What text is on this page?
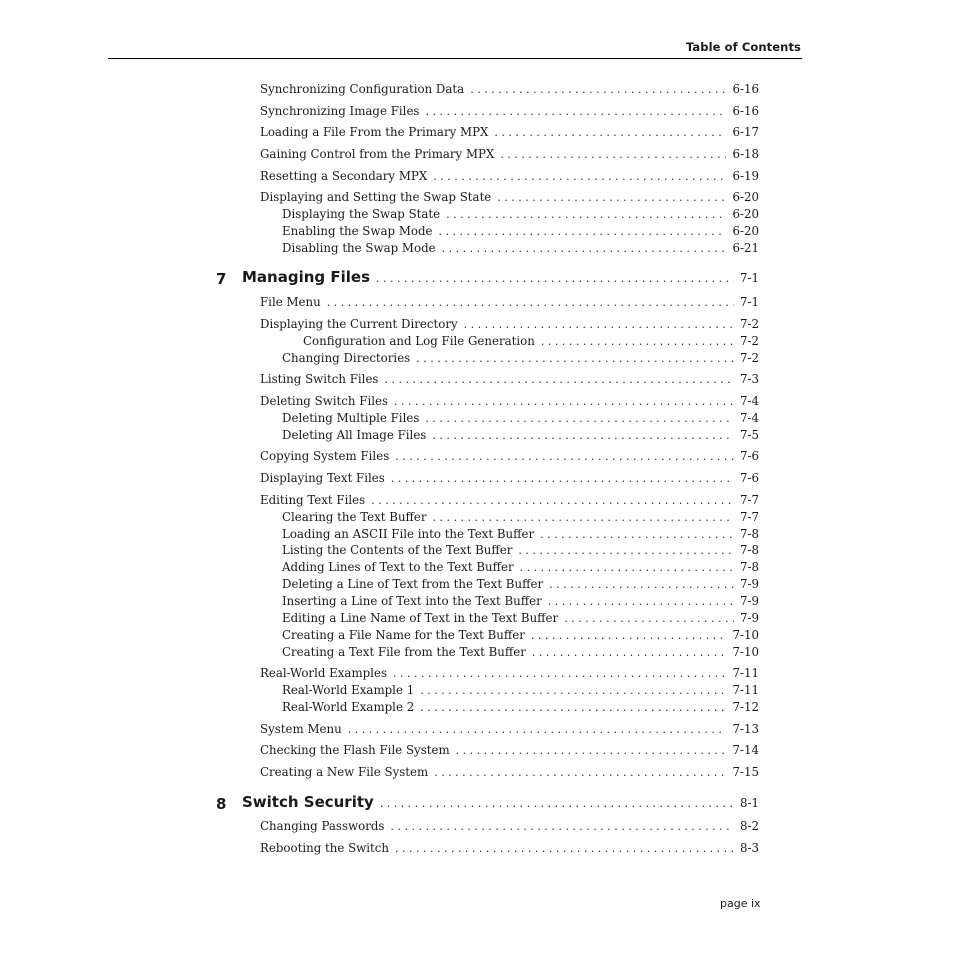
Table of Contents
Synchronizing Configuration Data . . .	6-16
Synchronizing Image Files . . .	6-16
Loading a File From the Primary MPX . . .	6-17
Gaining Control from the Primary MPX . . .	6-18
Resetting a Secondary MPX . . .	6-19
Displaying and Setting the Swap State . . .	6-20
Displaying the Swap State . . .	6-20
Enabling the Swap Mode . . .	6-20
Disabling the Swap Mode . . .	6-21
7 Managing Files . . .	7-1
File Menu . . .	7-1
Displaying the Current Directory . . .	7-2
Configuration and Log File Generation . . .	7-2
Changing Directories . . .	7-2
Listing Switch Files . . .	7-3
Deleting Switch Files . . .	7-4
Deleting Multiple Files . . .	7-4
Deleting All Image Files . . .	7-5
Copying System Files . . .	7-6
Displaying Text Files . . .	7-6
Editing Text Files . . .	7-7
Clearing the Text Buffer . . .	7-7
Loading an ASCII File into the Text Buffer . . .	7-8
Listing the Contents of the Text Buffer . . .	7-8
Adding Lines of Text to the Text Buffer . . .	7-8
Deleting a Line of Text from the Text Buffer . . .	7-9
Inserting a Line of Text into the Text Buffer . . .	7-9
Editing a Line Name of Text in the Text Buffer . . .	7-9
Creating a File Name for the Text Buffer . . .	7-10
Creating a Text File from the Text Buffer . . .	7-10
Real-World Examples . . .	7-11
Real-World Example 1 . . .	7-11
Real-World Example 2 . . .	7-12
System Menu . . .	7-13
Checking the Flash File System . . .	7-14
Creating a New File System . . .	7-15
8 Switch Security . . .	8-1
Changing Passwords . . .	8-2
Rebooting the Switch . . .	8-3
page ix
